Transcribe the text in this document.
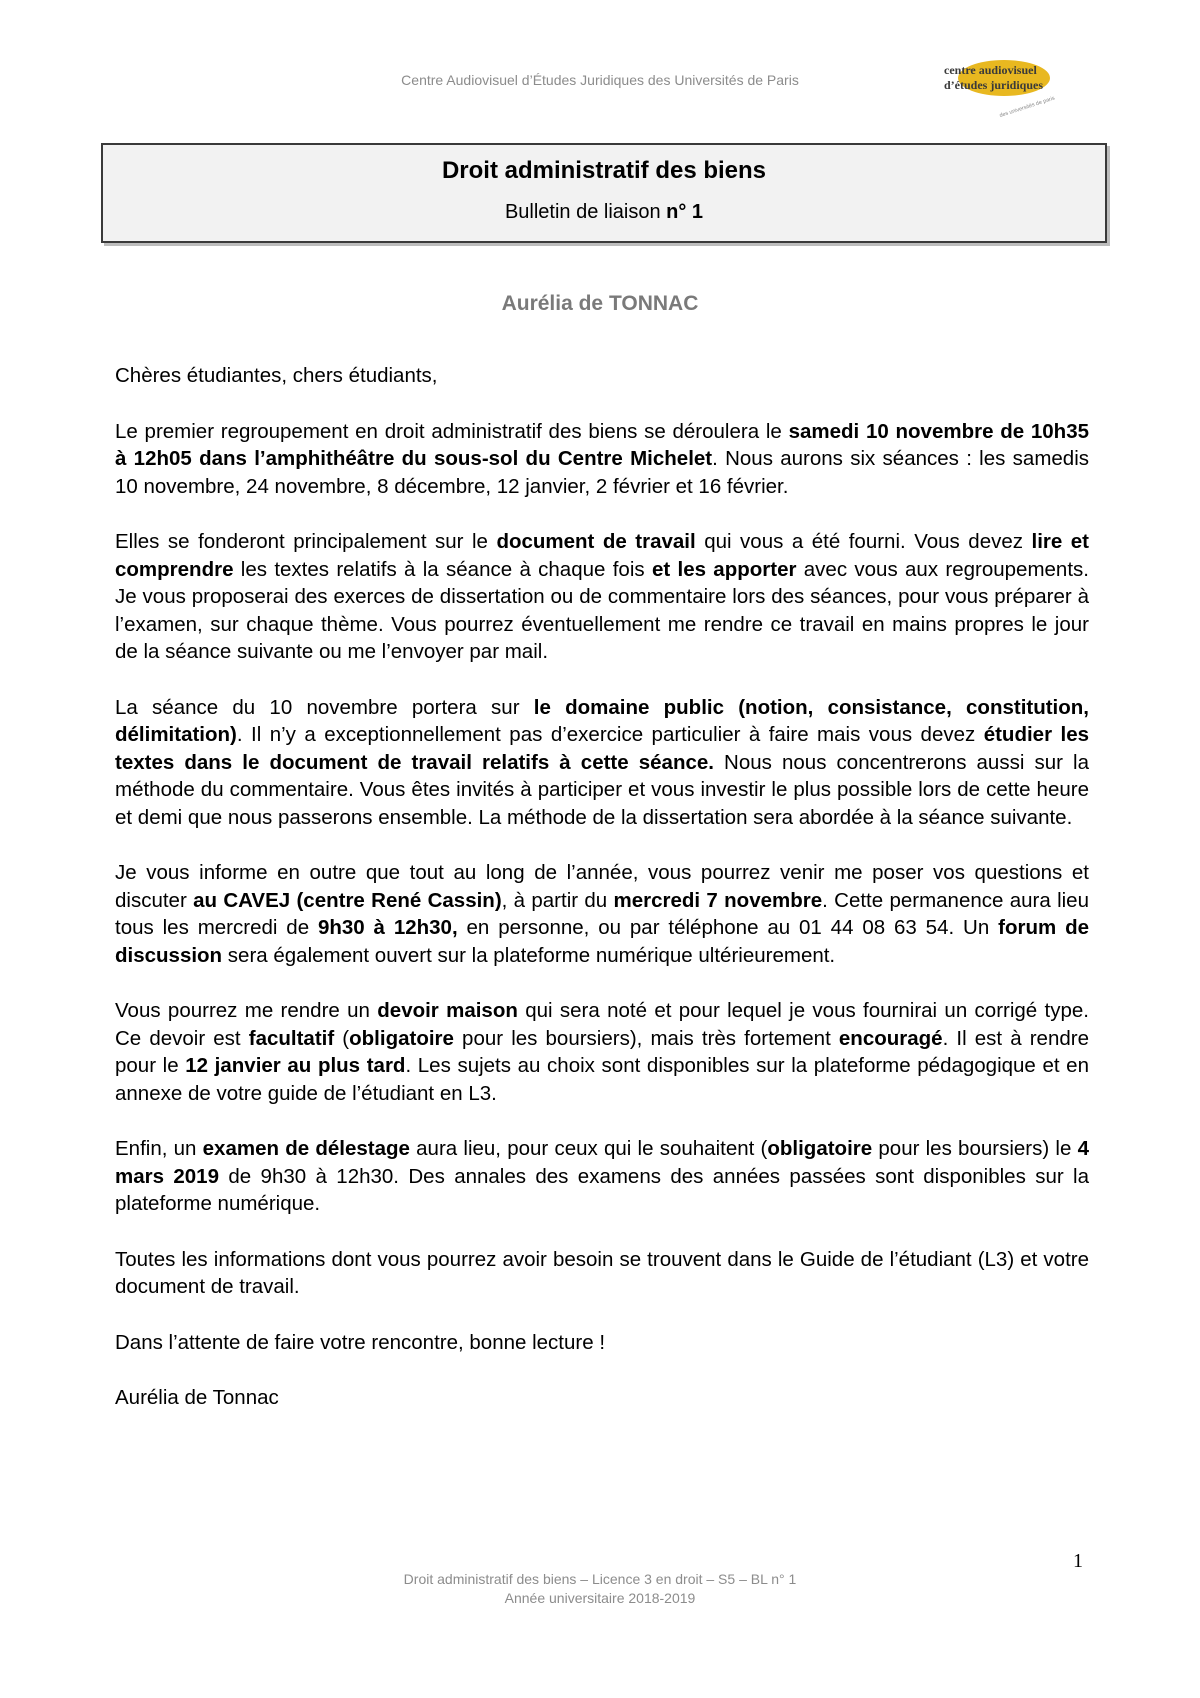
Centre Audiovisuel d’Études Juridiques des Universités de Paris
centre audiovisuel
d’études juridiques
des universités de paris
Droit administratif des biens
Bulletin de liaison n° 1
Aurélia de TONNAC

Chères étudiantes, chers étudiants,

Le premier regroupement en droit administratif des biens se déroulera le samedi 10 novembre de 10h35 à 12h05 dans l’amphithéâtre du sous-sol du Centre Michelet. Nous aurons six séances : les samedis 10 novembre, 24 novembre, 8 décembre, 12 janvier, 2 février et 16 février.

Elles se fonderont principalement sur le document de travail qui vous a été fourni. Vous devez lire et comprendre les textes relatifs à la séance à chaque fois et les apporter avec vous aux regroupements. Je vous proposerai des exerces de dissertation ou de commentaire lors des séances, pour vous préparer à l’examen, sur chaque thème. Vous pourrez éventuellement me rendre ce travail en mains propres le jour de la séance suivante ou me l’envoyer par mail.

La séance du 10 novembre portera sur le domaine public (notion, consistance, constitution, délimitation). Il n’y a exceptionnellement pas d’exercice particulier à faire mais vous devez étudier les textes dans le document de travail relatifs à cette séance. Nous nous concentrerons aussi sur la méthode du commentaire. Vous êtes invités à participer et vous investir le plus possible lors de cette heure et demi que nous passerons ensemble. La méthode de la dissertation sera abordée à la séance suivante.

Je vous informe en outre que tout au long de l’année, vous pourrez venir me poser vos questions et discuter au CAVEJ (centre René Cassin), à partir du mercredi 7 novembre. Cette permanence aura lieu tous les mercredi de 9h30 à 12h30, en personne, ou par téléphone au 01 44 08 63 54. Un forum de discussion sera également ouvert sur la plateforme numérique ultérieurement.

Vous pourrez me rendre un devoir maison qui sera noté et pour lequel je vous fournirai un corrigé type. Ce devoir est facultatif (obligatoire pour les boursiers), mais très fortement encouragé. Il est à rendre pour le 12 janvier au plus tard. Les sujets au choix sont disponibles sur la plateforme pédagogique et en annexe de votre guide de l’étudiant en L3.

Enfin, un examen de délestage aura lieu, pour ceux qui le souhaitent (obligatoire pour les boursiers) le 4 mars 2019 de 9h30 à 12h30. Des annales des examens des années passées sont disponibles sur la plateforme numérique.

Toutes les informations dont vous pourrez avoir besoin se trouvent dans le Guide de l’étudiant (L3) et votre document de travail.

Dans l’attente de faire votre rencontre, bonne lecture !

Aurélia de Tonnac

1
Droit administratif des biens – Licence 3 en droit – S5 – BL n° 1
Année universitaire 2018-2019
